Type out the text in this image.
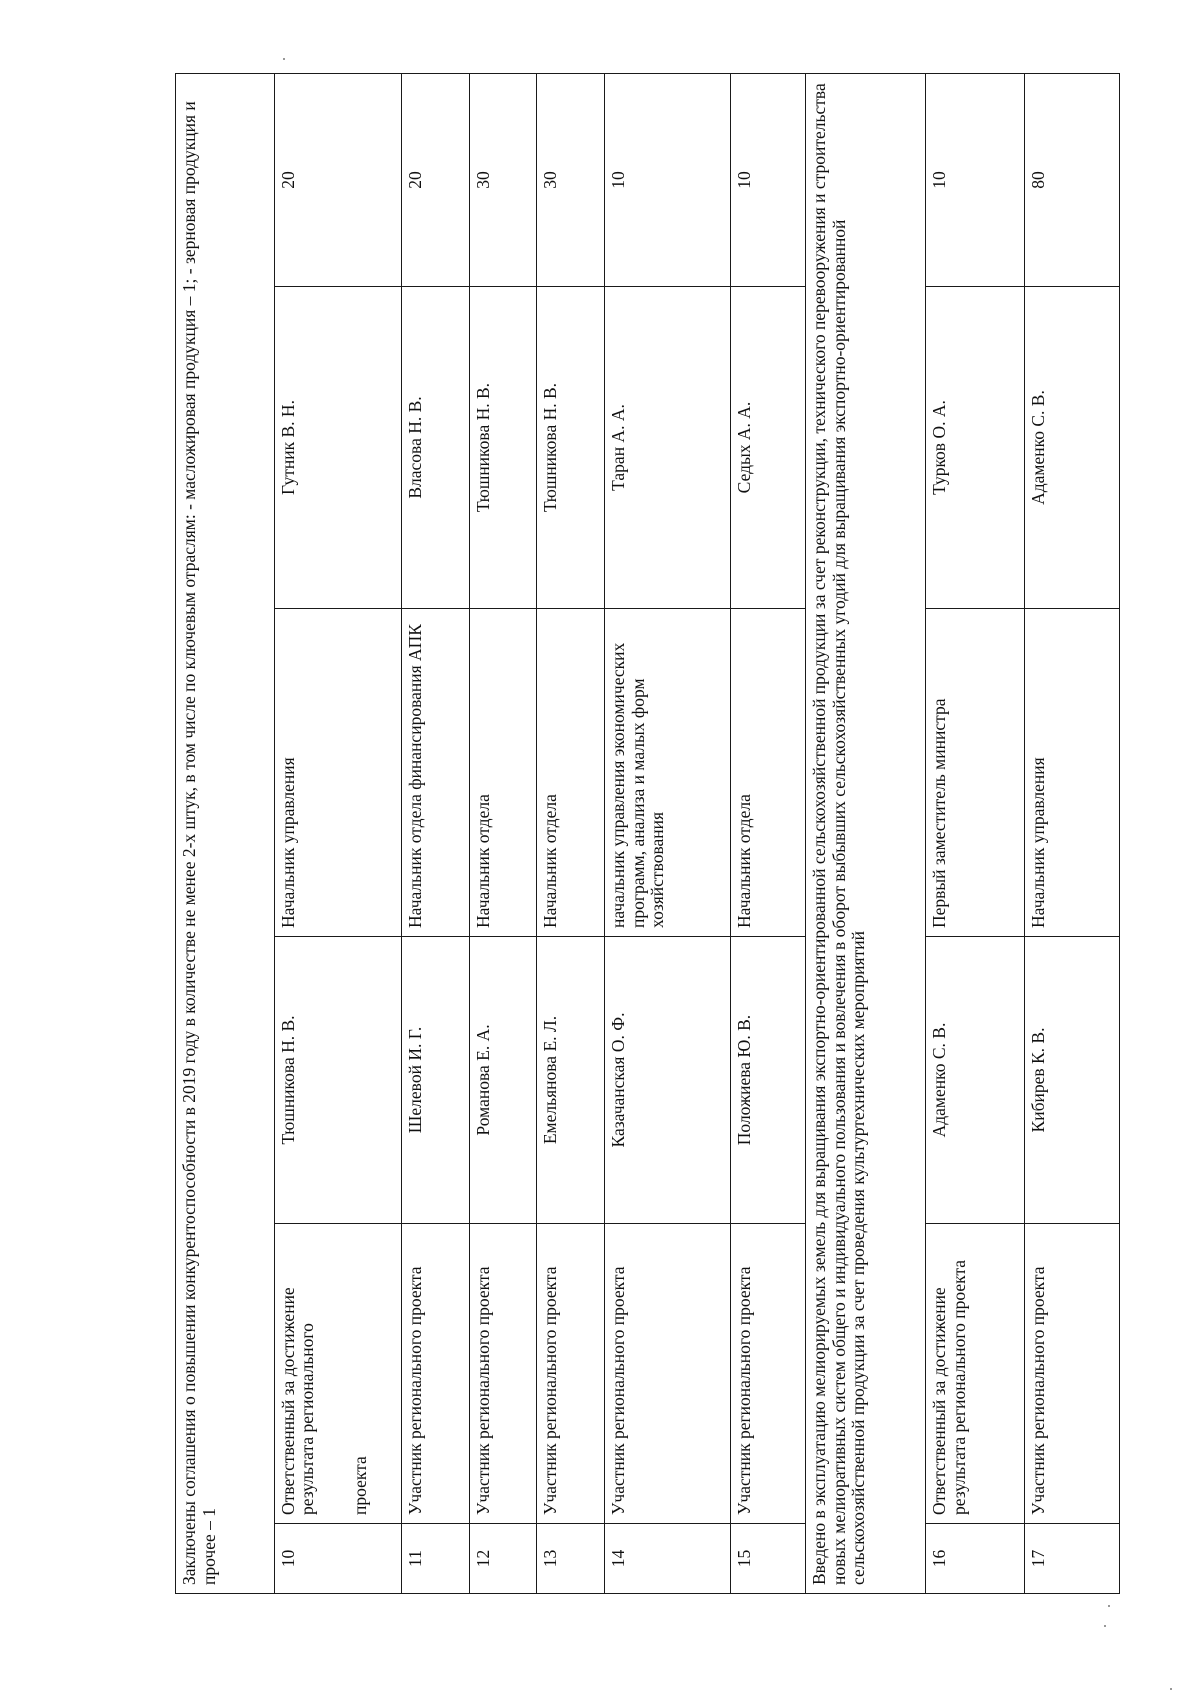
Заключены соглашения о повышении конкурентоспособности в 2019 году в количестве не менее 2-х штук, в том числе по ключевым отраслям: - масложировая продукция – 1; - зерновая продукция и прочее – 1					
10	Ответственный за достижение результата регионального	Тюшникова Н. В.	Начальник управления	Гутник В. Н.	20
	проекта				
11	Участник регионального проекта	Шелевой И. Г.	Начальник отдела финансирования АПК	Власова Н. В.	20
12	Участник регионального проекта	Романова Е. А.	Начальник отдела	Тюшникова Н. В.	30
13	Участник регионального проекта	Емельянова Е. Л.	Начальник отдела	Тюшникова Н. В.	30
14	Участник регионального проекта	Казачанская О. Ф.	начальник управления экономических программ, анализа и малых форм хозяйствования	Таран А. А.	10
15	Участник регионального проекта	Положиева Ю. В.	Начальник отдела	Седых А. А.	10
Введено в эксплуатацию мелиорируемых земель для выращивания экспортно-ориентированной сельскохозяйственной продукции за счет реконструкции, технического перевооружения и строительства новых мелиоративных систем общего и индивидуального пользования и вовлечения в оборот выбывших сельскохозяйственных угодий для выращивания экспортно-ориентированной сельскохозяйственной продукции за счет проведения культуртехнических мероприятий					
16	Ответственный за достижение результата регионального проекта	Адаменко С. В.	Первый заместитель министра	Турков О. А.	10
17	Участник регионального проекта	Кибирев К. В.	Начальник управления	Адаменко С. В.	80
